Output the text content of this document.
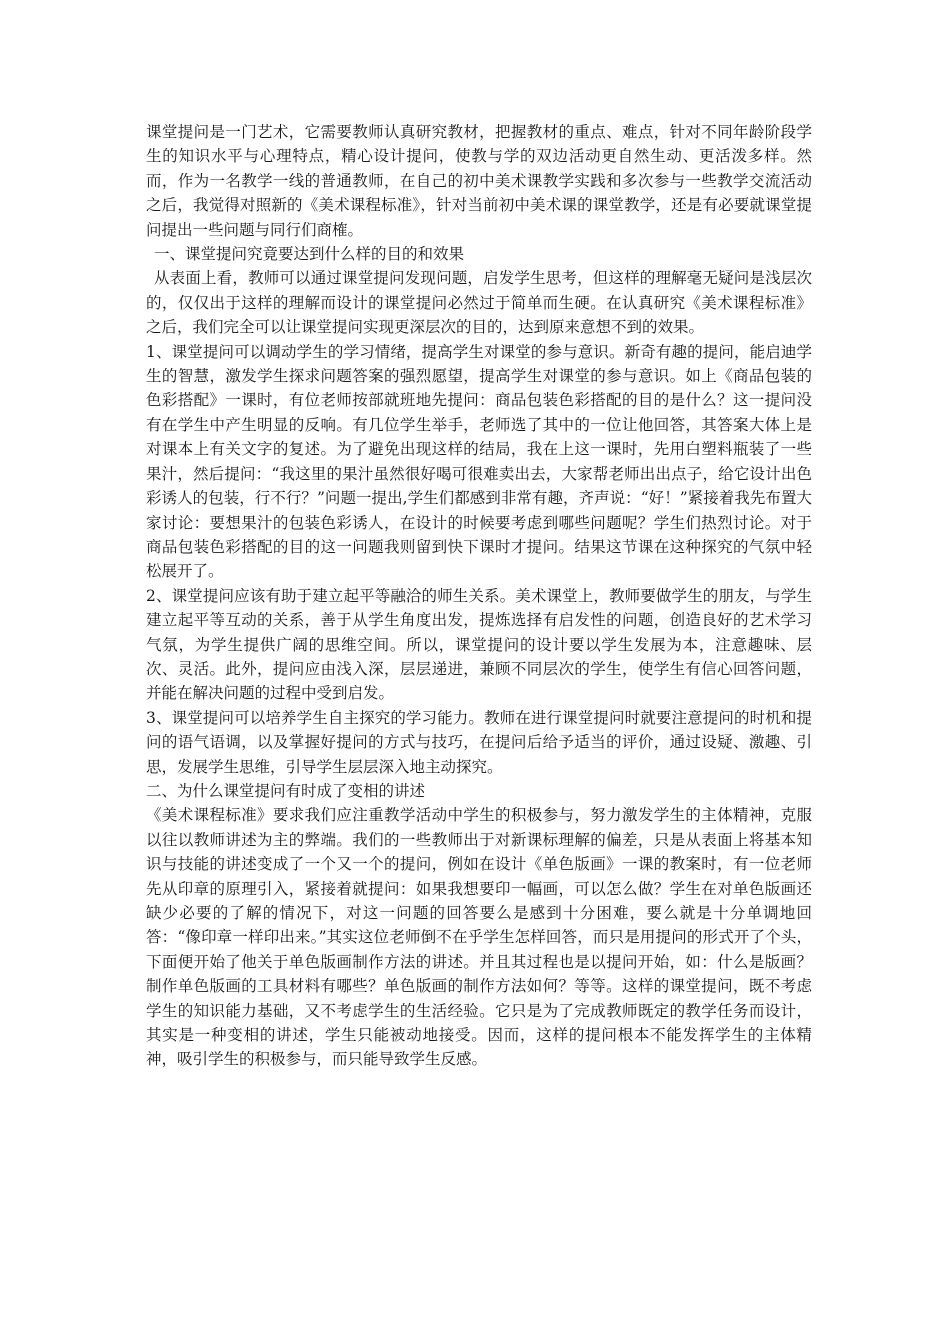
课堂提问是一门艺术，它需要教师认真研究教材，把握教材的重点、难点，针对不同年龄阶段学生的知识水平与心理特点，精心设计提问，使教与学的双边活动更自然生动、更活泼多样。然而，作为一名教学一线的普通教师，在自己的初中美术课教学实践和多次参与一些教学交流活动之后，我觉得对照新的《美术课程标准》，针对当前初中美术课的课堂教学，还是有必要就课堂提问提出一些问题与同行们商榷。

一、课堂提问究竟要达到什么样的目的和效果

从表面上看，教师可以通过课堂提问发现问题，启发学生思考，但这样的理解毫无疑问是浅层次的，仅仅出于这样的理解而设计的课堂提问必然过于简单而生硬。在认真研究《美术课程标准》之后，我们完全可以让课堂提问实现更深层次的目的，达到原来意想不到的效果。

1、课堂提问可以调动学生的学习情绪，提高学生对课堂的参与意识。新奇有趣的提问，能启迪学生的智慧，激发学生探求问题答案的强烈愿望，提高学生对课堂的参与意识。如上《商品包装的色彩搭配》一课时，有位老师按部就班地先提问：商品包装色彩搭配的目的是什么？这一提问没有在学生中产生明显的反响。有几位学生举手，老师选了其中的一位让他回答，其答案大体上是对课本上有关文字的复述。为了避免出现这样的结局，我在上这一课时，先用白塑料瓶装了一些果汁，然后提问：“我这里的果汁虽然很好喝可很难卖出去，大家帮老师出出点子，给它设计出色彩诱人的包装，行不行？”问题一提出,学生们都感到非常有趣，齐声说：“好！”紧接着我先布置大家讨论：要想果汁的包装色彩诱人，在设计的时候要考虑到哪些问题呢？学生们热烈讨论。对于商品包装色彩搭配的目的这一问题我则留到快下课时才提问。结果这节课在这种探究的气氛中轻松展开了。

2、课堂提问应该有助于建立起平等融洽的师生关系。美术课堂上，教师要做学生的朋友，与学生建立起平等互动的关系，善于从学生角度出发，提炼选择有启发性的问题，创造良好的艺术学习气氛，为学生提供广阔的思维空间。所以，课堂提问的设计要以学生发展为本，注意趣味、层次、灵活。此外，提问应由浅入深，层层递进，兼顾不同层次的学生，使学生有信心回答问题，并能在解决问题的过程中受到启发。

3、课堂提问可以培养学生自主探究的学习能力。教师在进行课堂提问时就要注意提问的时机和提问的语气语调，以及掌握好提问的方式与技巧，在提问后给予适当的评价，通过设疑、激趣、引思，发展学生思维，引导学生层层深入地主动探究。

二、为什么课堂提问有时成了变相的讲述

《美术课程标准》要求我们应注重教学活动中学生的积极参与，努力激发学生的主体精神，克服以往以教师讲述为主的弊端。我们的一些教师出于对新课标理解的偏差，只是从表面上将基本知识与技能的讲述变成了一个又一个的提问，例如在设计《单色版画》一课的教案时，有一位老师先从印章的原理引入，紧接着就提问：如果我想要印一幅画，可以怎么做？学生在对单色版画还缺少必要的了解的情况下，对这一问题的回答要么是感到十分困难，要么就是十分单调地回答：“像印章一样印出来。”其实这位老师倒不在乎学生怎样回答，而只是用提问的形式开了个头，下面便开始了他关于单色版画制作方法的讲述。并且其过程也是以提问开始，如：什么是版画？制作单色版画的工具材料有哪些？单色版画的制作方法如何？等等。这样的课堂提问，既不考虑学生的知识能力基础，又不考虑学生的生活经验。它只是为了完成教师既定的教学任务而设计，其实是一种变相的讲述，学生只能被动地接受。因而，这样的提问根本不能发挥学生的主体精神，吸引学生的积极参与，而只能导致学生反感。
